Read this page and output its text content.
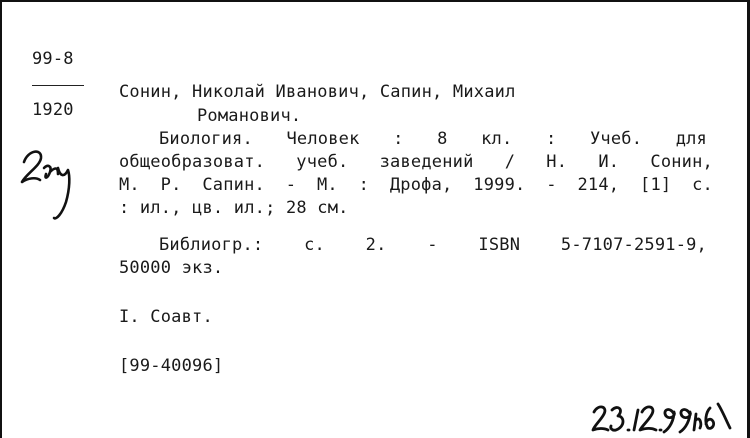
99-8
1920
Сонин, Николай Иванович, Сапин, Михаил
Романович.
Биология. Человек : 8 кл. : Учеб. для
общеобразоват. учеб. заведений / Н. И. Сонин,
М. Р. Сапин. - М. : Дрофа, 1999. - 214, [1] с.
: ил., цв. ил.; 28 см.
Библиогр.: с. 2. - ISBN 5-7107-2591-9,
50000 экз.
I. Соавт.
[99-40096]
